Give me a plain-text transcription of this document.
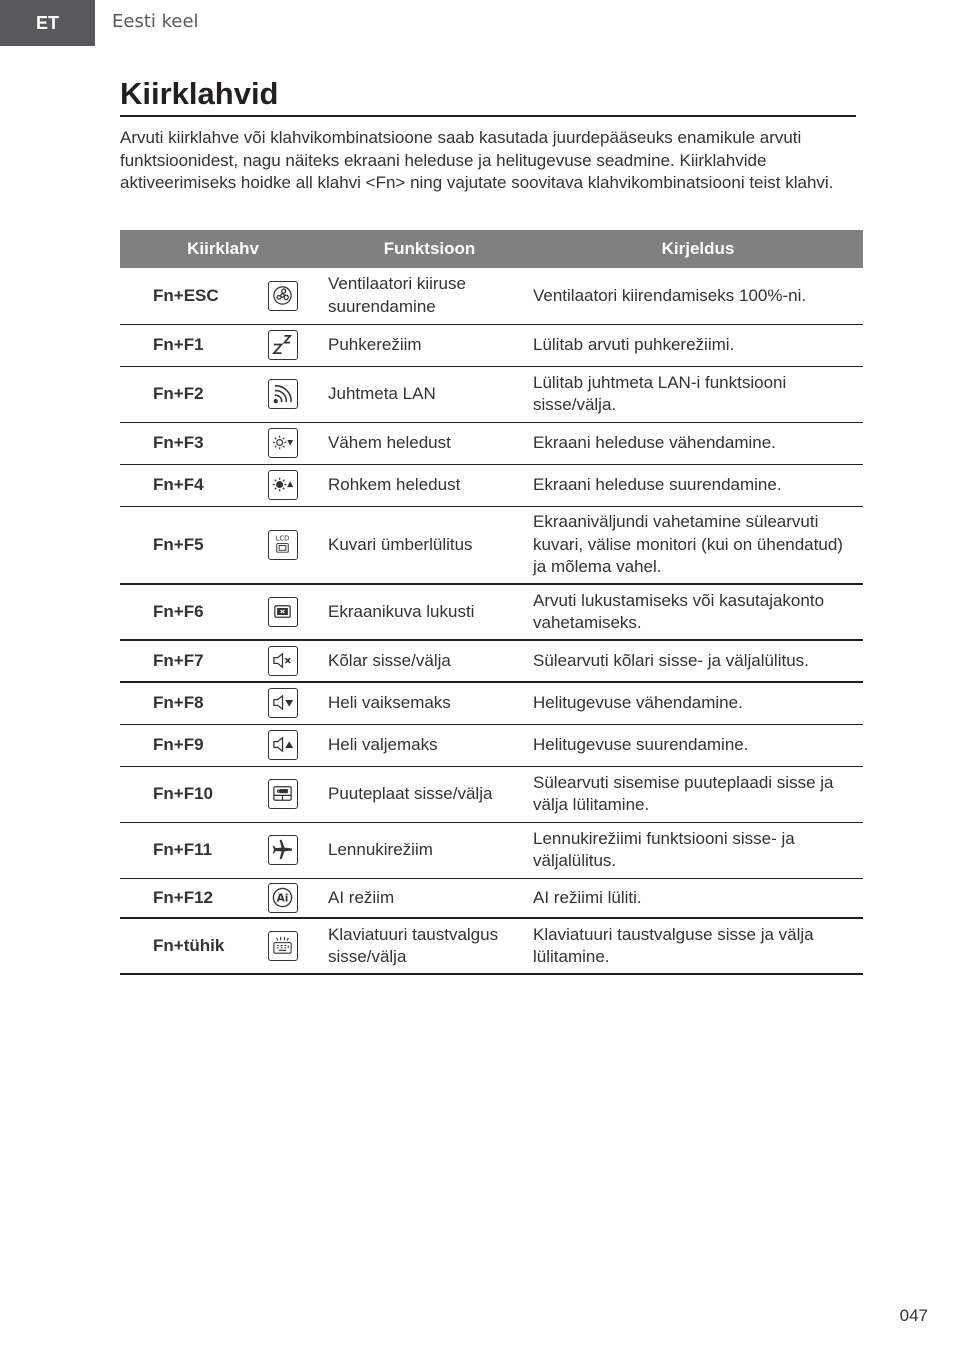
ET	Eesti keel
Kiirklahvid

Arvuti kiirklahve või klahvikombinatsioone saab kasutada juurdepääseuks enamikule arvuti funktsioonidest, nagu näiteks ekraani heleduse ja helitugevuse seadmine. Kiirklahvide aktiveerimiseks hoidke all klahvi <Fn> ning vajutate soovitava klahvikombinatsiooni teist klahvi.

Kiirklahv		Funktsioon	Kirjeldus
Fn+ESC		Ventilaatori kiiruse suurendamine	Ventilaatori kiirendamiseks 100%-ni.
Fn+F1		Puhkerežiim	Lülitab arvuti puhkerežiimi.
Fn+F2		Juhtmeta LAN	Lülitab juhtmeta LAN-i funktsiooni sisse/välja.
Fn+F3		Vähem heledust	Ekraani heleduse vähendamine.
Fn+F4		Rohkem heledust	Ekraani heleduse suurendamine.
Fn+F5	LCD	Kuvari ümberlülitus	Ekraaniväljundi vahetamine sülearvuti kuvari, välise monitori (kui on ühendatud) ja mõlema vahel.
Fn+F6		Ekraanikuva lukusti	Arvuti lukustamiseks või kasutajakonto vahetamiseks.
Fn+F7		Kõlar sisse/välja	Sülearvuti kõlari sisse- ja väljalülitus.
Fn+F8		Heli vaiksemaks	Helitugevuse vähendamine.
Fn+F9		Heli valjemaks	Helitugevuse suurendamine.
Fn+F10		Puuteplaat sisse/välja	Sülearvuti sisemise puuteplaadi sisse ja välja lülitamine.
Fn+F11		Lennukirežiim	Lennukirežiimi funktsiooni sisse- ja väljalülitus.
Fn+F12	Ai	AI režiim	AI režiimi lüliti.
Fn+tühik		Klaviatuuri taustvalgus sisse/välja	Klaviatuuri taustvalguse sisse ja välja lülitamine.
047
